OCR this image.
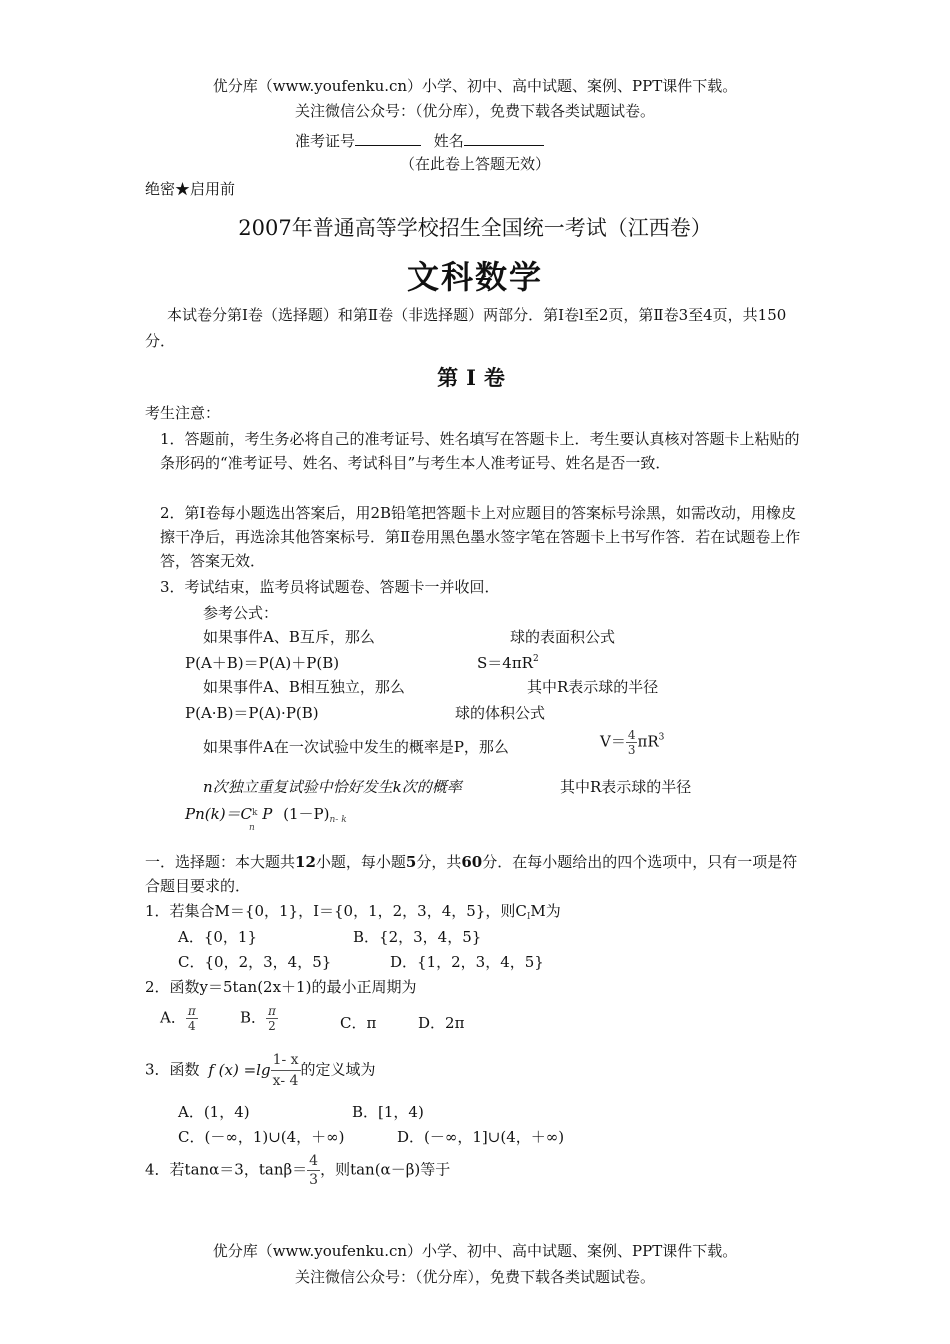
优分库（www.youfenku.cn）小学、初中、高中试题、案例、PPT课件下载。
关注微信公众号：（优分库），免费下载各类试题试卷。
准考证号	姓名
（在此卷上答题无效）
绝密★启用前
2007年普通高等学校招生全国统一考试（江西卷）
文科数学
本试卷分第Ⅰ卷（选择题）和第Ⅱ卷（非选择题）两部分．第Ⅰ卷l至2页，第Ⅱ卷3至4页，共150分．
第Ⅰ卷
考生注意：
1．答题前，考生务必将自己的准考证号、姓名填写在答题卡上．考生要认真核对答题卡上粘贴的条形码的“准考证号、姓名、考试科目”与考生本人准考证号、姓名是否一致．
2．第Ⅰ卷每小题选出答案后，用2B铅笔把答题卡上对应题目的答案标号涂黑，如需改动，用橡皮擦干净后，再选涂其他答案标号．第Ⅱ卷用黑色墨水签字笔在答题卡上书写作答．若在试题卷上作答，答案无效．
3．考试结束，监考员将试题卷、答题卡一并收回．
参考公式：
如果事件A、B互斥，那么	球的表面积公式
P(A＋B)＝P(A)＋P(B)	$S=4\pi R^2$
如果事件A、B相互独立，那么	其中R表示球的半径
P(A·B)＝P(A)·P(B)	球的体积公式
如果事件A在一次试验中发生的概率是P，那么	$V= \frac{4}{3} \pi R^3$
n次独立重复试验中恰好发生k次的概率	其中R表示球的半径
$Pn(k)=C^k$ P $(1-P)_{n- k}$
n
一．选择题：本大题共12小题，每小题5分，共60分．在每小题给出的四个选项中，只有一项是符合题目要求的．
1．若集合M＝{0，1}，I＝{0，1，2，3，4，5}，则$C_IM$为
A．{0，1}	B．{2，3，4，5}
C．{0，2，3，4，5}	D．{1，2，3，4，5}
2．函数y＝5tan(2x＋1)的最小正周期为
A． $\frac{\pi}{4}$	B． $\frac{\pi}{2}$	C．π	D．2π
3．函数 f $(x) =\lg \frac{1- x}{x- 4}$ 的定义域为
A．(1，4)	B．[1，4)
C．(－∞，1)∪(4，＋∞)	D．(－∞，1]∪(4，＋∞)
4．若tanα＝3，$\tan\beta= \frac{4}{3}$ ，则tan(α－β)等于
优分库（www.youfenku.cn）小学、初中、高中试题、案例、PPT课件下载。
关注微信公众号：（优分库），免费下载各类试题试卷。
